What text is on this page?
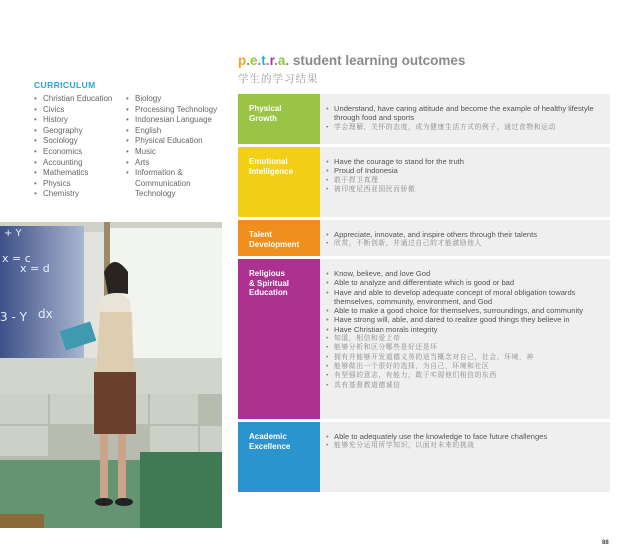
CURRICULUM
• Christian Education
• Civics
• History
• Geography
• Sociology
• Economics
• Accounting
• Mathematics
• Physics
• Chemistry
• Biology
• Processing Technology
• Indonesian Language
• English
• Physical Education
• Music
• Arts
• Information &
Communication
Technology
x = c
x = d
3 - Y dx
+ Y
p.e.t.r.a. student learning outcomes
学生的学习结果
Physical
Growth
• Understand, have caring attitude and become the example of healthy lifestyle through food and sports
• 学会理解，关怀的态度，成为健康生活方式的例子，通过食物和运动
Emotional
Intelligence
• Have the courage to stand for the truth
• Proud of Indonesia
• 敢于捍卫真理
• 被印度尼西亚国民而骄傲
Talent
Development
• Appreciate, innovate, and inspire others through their talents
• 欣赏，不断创新，并通过自己的才能激励他人
Religious
& Spiritual
Education
• Know, believe, and love God
• Able to analyze and differentiate which is good or bad
• Have and able to develop adequate concept of moral obligation towards themselves, community, environment, and God
• Able to make a good choice for themselves, surroundings, and community
• Have strong will, able, and dared to realize good things they believe in
• Have Christian morals integrity
• 知道，相信和爱上帝
• 能够分析和区分哪些是好还是坏
• 拥有并能够开发道德义务的适当概念对自己，社会，环境，神
• 能够做出一个很好的选择，为自己，环境和社区
• 有坚强的意志，有能力，敢于实现他们相信的东西
• 具有基督教道德诚信
Academic
Excellence
• Able to adequately use the knowledge to face future challenges
• 能够充分运用所学知识，以面对未来的挑战
88
